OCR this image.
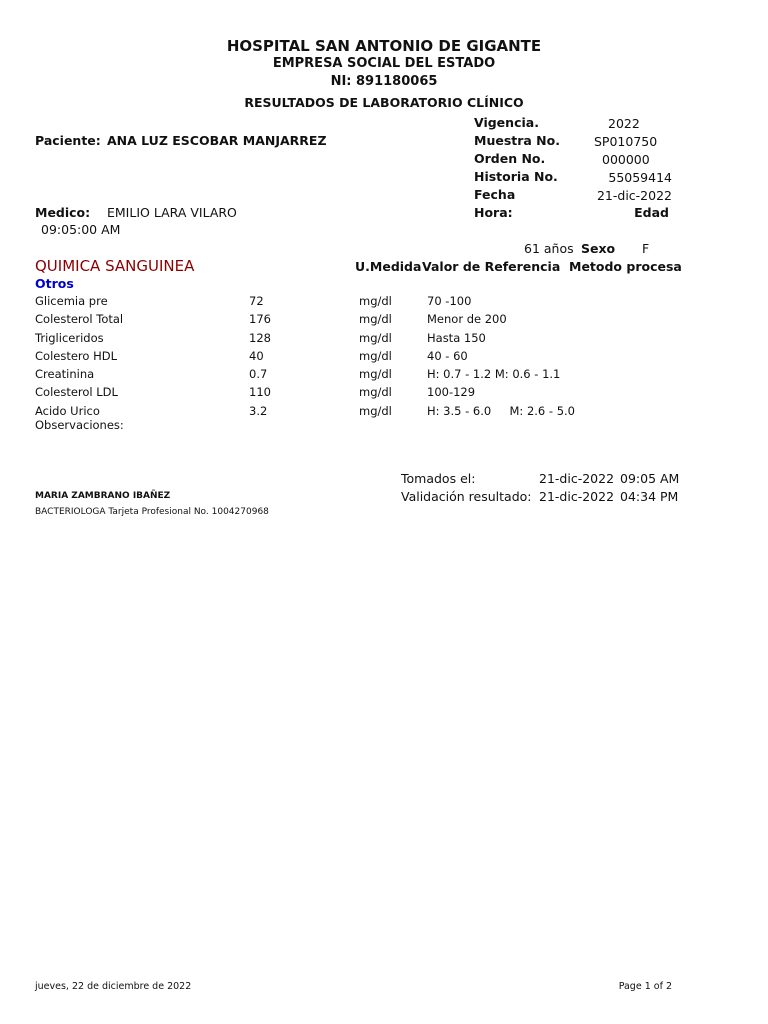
HOSPITAL SAN ANTONIO DE GIGANTE
EMPRESA SOCIAL DEL ESTADO
NI: 891180065
RESULTADOS DE LABORATORIO CLÍNICO
Vigencia.	2022
Muestra No.	SP010750
Orden No.	000000
Historia No.	55059414
Fecha	21-dic-2022
Hora:	Edad
Paciente: ANA LUZ ESCOBAR MANJARREZ
Medico: EMILIO LARA VILARO
09:05:00 AM
61 años Sexo F
QUIMICA SANGUINEA	U.Medida Valor de Referencia Metodo procesa
Otros
Glicemia pre	72	mg/dl	70 -100
Colesterol Total	176	mg/dl	Menor de 200
Trigliceridos	128	mg/dl	Hasta 150
Colestero HDL	40	mg/dl	40 - 60
Creatinina	0.7	mg/dl	H: 0.7 - 1.2 M: 0.6 - 1.1
Colesterol LDL	110	mg/dl	100-129
Acido Urico	3.2	mg/dl	H: 3.5 - 6.0     M: 2.6 - 5.0
Observaciones:
Tomados el:	21-dic-2022 09:05 AM
Validación resultado: 21-dic-2022 04:34 PM
MARIA ZAMBRANO IBAÑEZ
BACTERIOLOGA Tarjeta Profesional No. 1004270968
jueves, 22 de diciembre de 2022	Page 1 of 2
